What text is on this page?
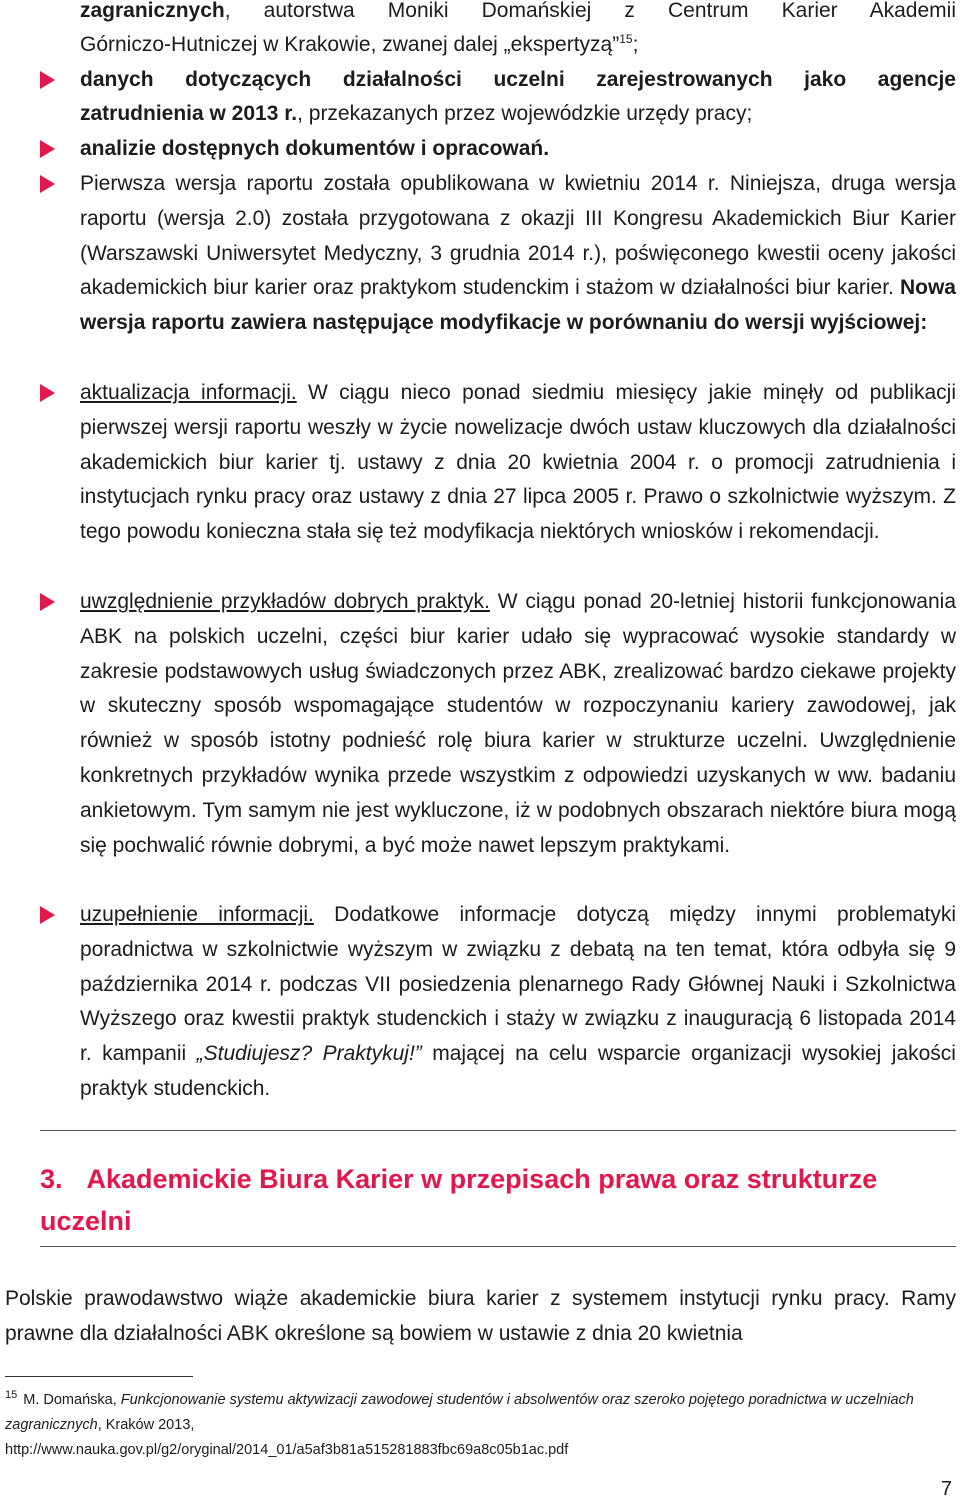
zagranicznych, autorstwa Moniki Domańskiej z Centrum Karier Akademii
Górniczo-Hutniczej w Krakowie, zwanej dalej „ekspertyzą”$^{15}$;
danych dotyczących działalności uczelni zarejestrowanych jako agencje
zatrudnienia w 2013 r., przekazanych przez wojewódzkie urzędy pracy;
analizie dostępnych dokumentów i opracowań.

Pierwsza wersja raportu została opublikowana w kwietniu 2014 r. Niniejsza, druga wersja raportu (wersja 2.0) została przygotowana z okazji III Kongresu Akademickich Biur Karier (Warszawski Uniwersytet Medyczny, 3 grudnia 2014 r.), poświęconego kwestii oceny jakości akademickich biur karier oraz praktykom studenckim i stażom w działalności biur karier. Nowa wersja raportu zawiera następujące modyfikacje w porównaniu do wersji wyjściowej:

aktualizacja informacji. W ciągu nieco ponad siedmiu miesięcy jakie minęły od publikacji pierwszej wersji raportu weszły w życie nowelizacje dwóch ustaw kluczowych dla działalności akademickich biur karier tj. ustawy z dnia 20 kwietnia 2004 r. o promocji zatrudnienia i instytucjach rynku pracy oraz ustawy z dnia 27 lipca 2005 r. Prawo o szkolnictwie wyższym. Z tego powodu konieczna stała się też modyfikacja niektórych wniosków i rekomendacji.

uwzględnienie przykładów dobrych praktyk. W ciągu ponad 20-letniej historii funkcjonowania ABK na polskich uczelni, części biur karier udało się wypracować wysokie standardy w zakresie podstawowych usług świadczonych przez ABK, zrealizować bardzo ciekawe projekty w skuteczny sposób wspomagające studentów w rozpoczynaniu kariery zawodowej, jak również w sposób istotny podnieść rolę biura karier w strukturze uczelni. Uwzględnienie konkretnych przykładów wynika przede wszystkim z odpowiedzi uzyskanych w ww. badaniu ankietowym. Tym samym nie jest wykluczone, iż w podobnych obszarach niektóre biura mogą się pochwalić równie dobrymi, a być może nawet lepszym praktykami.

uzupełnienie informacji. Dodatkowe informacje dotyczą między innymi problematyki poradnictwa w szkolnictwie wyższym w związku z debatą na ten temat, która odbyła się 9 października 2014 r. podczas VII posiedzenia plenarnego Rady Głównej Nauki i Szkolnictwa Wyższego oraz kwestii praktyk studenckich i staży w związku z inauguracją 6 listopada 2014 r. kampanii „Studiujesz? Praktykuj!” mającej na celu wsparcie organizacji wysokiej jakości praktyk studenckich.

3. Akademickie Biura Karier w przepisach prawa oraz strukturze uczelni

Polskie prawodawstwo wiąże akademickie biura karier z systemem instytucji rynku pracy. Ramy prawne dla działalności ABK określone są bowiem w ustawie z dnia 20 kwietnia

$^{15}$ M. Domańska, Funkcjonowanie systemu aktywizacji zawodowej studentów i absolwentów oraz szeroko pojętego poradnictwa w uczelniach zagranicznych, Kraków 2013,
http://www.nauka.gov.pl/g2/oryginal/2014_01/a5af3b81a515281883fbc69a8c05b1ac.pdf

7
